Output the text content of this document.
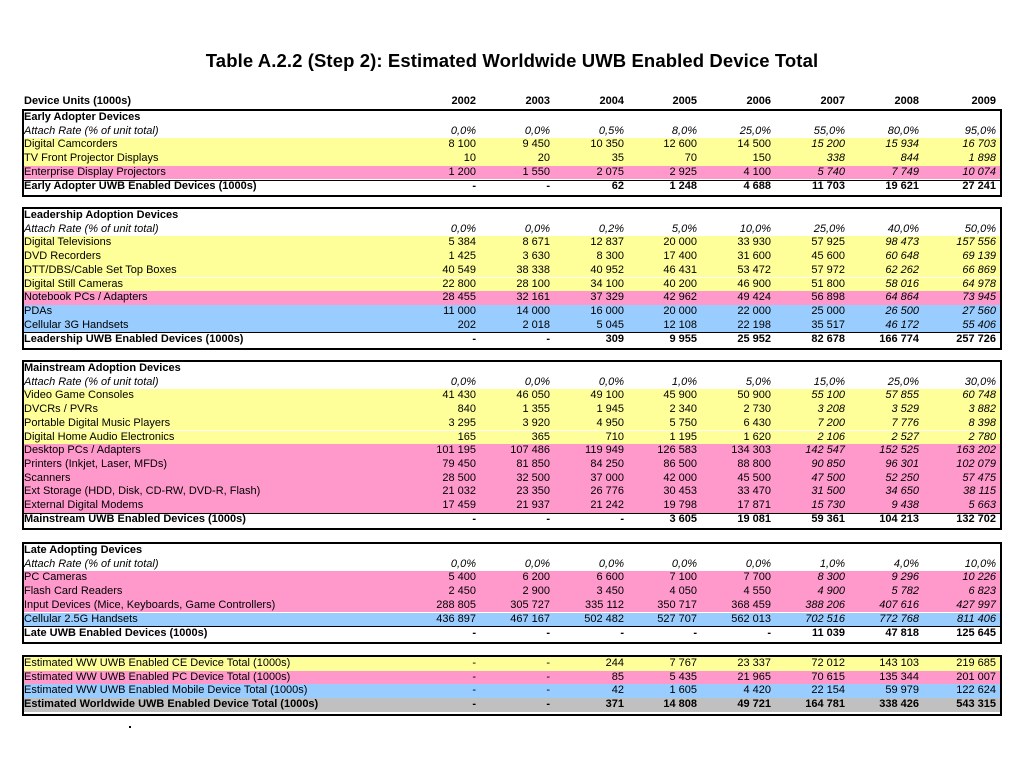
Table A.2.2 (Step 2): Estimated Worldwide UWB Enabled Device Total
Device Units (1000s)	2002	2003	2004	2005	2006	2007	2008	2009
Early Adopter Devices
Attach Rate (% of unit total)	0,0%	0,0%	0,5%	8,0%	25,0%	55,0%	80,0%	95,0%
Digital Camcorders	8 100	9 450	10 350	12 600	14 500	15 200	15 934	16 703
TV Front Projector Displays	10	20	35	70	150	338	844	1 898
Enterprise Display Projectors	1 200	1 550	2 075	2 925	4 100	5 740	7 749	10 074
Early Adopter UWB Enabled Devices (1000s)	-	-	62	1 248	4 688	11 703	19 621	27 241
Leadership Adoption Devices
Attach Rate (% of unit total)	0,0%	0,0%	0,2%	5,0%	10,0%	25,0%	40,0%	50,0%
Digital Televisions	5 384	8 671	12 837	20 000	33 930	57 925	98 473	157 556
DVD Recorders	1 425	3 630	8 300	17 400	31 600	45 600	60 648	69 139
DTT/DBS/Cable Set Top Boxes	40 549	38 338	40 952	46 431	53 472	57 972	62 262	66 869
Digital Still Cameras	22 800	28 100	34 100	40 200	46 900	51 800	58 016	64 978
Notebook PCs / Adapters	28 455	32 161	37 329	42 962	49 424	56 898	64 864	73 945
PDAs	11 000	14 000	16 000	20 000	22 000	25 000	26 500	27 560
Cellular 3G Handsets	202	2 018	5 045	12 108	22 198	35 517	46 172	55 406
Leadership UWB Enabled Devices (1000s)	-	-	309	9 955	25 952	82 678	166 774	257 726
Mainstream Adoption Devices
Attach Rate (% of unit total)	0,0%	0,0%	0,0%	1,0%	5,0%	15,0%	25,0%	30,0%
Video Game Consoles	41 430	46 050	49 100	45 900	50 900	55 100	57 855	60 748
DVCRs / PVRs	840	1 355	1 945	2 340	2 730	3 208	3 529	3 882
Portable Digital Music Players	3 295	3 920	4 950	5 750	6 430	7 200	7 776	8 398
Digital Home Audio Electronics	165	365	710	1 195	1 620	2 106	2 527	2 780
Desktop PCs / Adapters	101 195	107 486	119 949	126 583	134 303	142 547	152 525	163 202
Printers (Inkjet, Laser, MFDs)	79 450	81 850	84 250	86 500	88 800	90 850	96 301	102 079
Scanners	28 500	32 500	37 000	42 000	45 500	47 500	52 250	57 475
Ext Storage (HDD, Disk, CD-RW, DVD-R, Flash)	21 032	23 350	26 776	30 453	33 470	31 500	34 650	38 115
External Digital Modems	17 459	21 937	21 242	19 798	17 871	15 730	9 438	5 663
Mainstream UWB Enabled Devices (1000s)	-	-	-	3 605	19 081	59 361	104 213	132 702
Late Adopting Devices
Attach Rate (% of unit total)	0,0%	0,0%	0,0%	0,0%	0,0%	1,0%	4,0%	10,0%
PC Cameras	5 400	6 200	6 600	7 100	7 700	8 300	9 296	10 226
Flash Card Readers	2 450	2 900	3 450	4 050	4 550	4 900	5 782	6 823
Input Devices (Mice, Keyboards, Game Controllers)	288 805	305 727	335 112	350 717	368 459	388 206	407 616	427 997
Cellular 2.5G Handsets	436 897	467 167	502 482	527 707	562 013	702 516	772 768	811 406
Late UWB Enabled Devices (1000s)	-	-	-	-	-	11 039	47 818	125 645
Estimated WW UWB Enabled CE Device Total (1000s)	-	-	244	7 767	23 337	72 012	143 103	219 685
Estimated WW UWB Enabled PC Device Total (1000s)	-	-	85	5 435	21 965	70 615	135 344	201 007
Estimated WW UWB Enabled Mobile Device Total (1000s)	-	-	42	1 605	4 420	22 154	59 979	122 624
Estimated Worldwide UWB Enabled Device Total (1000s)	-	-	371	14 808	49 721	164 781	338 426	543 315
